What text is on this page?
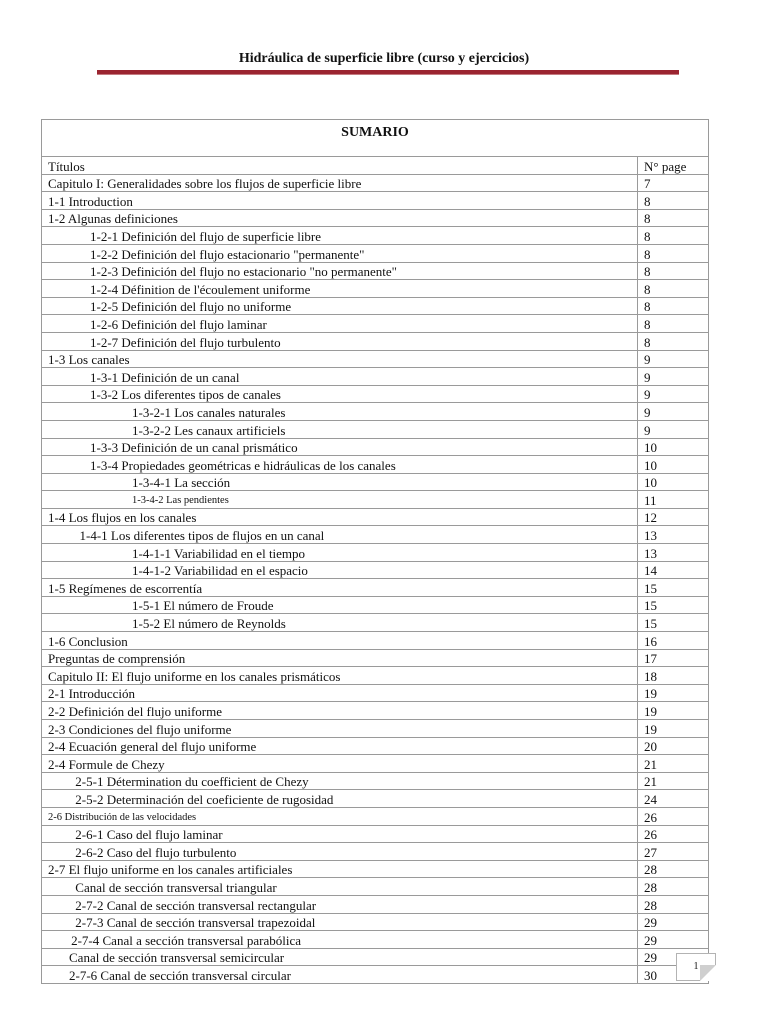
Hidráulica de superficie libre (curso y ejercicios)
SUMARIO
Títulos	N° page
Capitulo I: Generalidades sobre los flujos de superficie libre	7
1-1 Introduction	8
1-2 Algunas definiciones	8
1-2-1 Definición del flujo de superficie libre	8
1-2-2 Definición del flujo estacionario "permanente"	8
1-2-3 Definición del flujo no estacionario "no permanente"	8
1-2-4 Définition de l'écoulement uniforme	8
1-2-5 Definición del flujo no uniforme	8
1-2-6 Definición del flujo laminar	8
1-2-7 Definición del flujo turbulento	8
1-3 Los canales	9
1-3-1 Definición de un canal	9
1-3-2 Los diferentes tipos de canales	9
1-3-2-1 Los canales naturales	9
1-3-2-2 Les canaux artificiels	9
1-3-3 Definición de un canal prismático	10
1-3-4 Propiedades geométricas e hidráulicas de los canales	10
1-3-4-1 La sección	10
1-3-4-2 Las pendientes	11
1-4 Los flujos en los canales	12
1-4-1 Los diferentes tipos de flujos en un canal	13
1-4-1-1 Variabilidad en el tiempo	13
1-4-1-2 Variabilidad en el espacio	14
1-5 Regímenes de escorrentía	15
1-5-1 El número de Froude	15
1-5-2 El número de Reynolds	15
1-6 Conclusion	16
Preguntas de comprensión	17
Capitulo II: El flujo uniforme en los canales prismáticos	18
2-1 Introducción	19
2-2 Definición del flujo uniforme	19
2-3 Condiciones del flujo uniforme	19
2-4 Ecuación general del flujo uniforme	20
2-4 Formule de Chezy	21
2-5-1 Détermination du coefficient de Chezy	21
2-5-2 Determinación del coeficiente de rugosidad	24
2-6 Distribución de las velocidades	26
2-6-1 Caso del flujo laminar	26
2-6-2 Caso del flujo turbulento	27
2-7 El flujo uniforme en los canales artificiales	28
Canal de sección transversal triangular	28
2-7-2 Canal de sección transversal rectangular	28
2-7-3 Canal de sección transversal trapezoidal	29
2-7-4 Canal a sección transversal parabólica	29
Canal de sección transversal semicircular	29
2-7-6 Canal de sección transversal circular	30
1
